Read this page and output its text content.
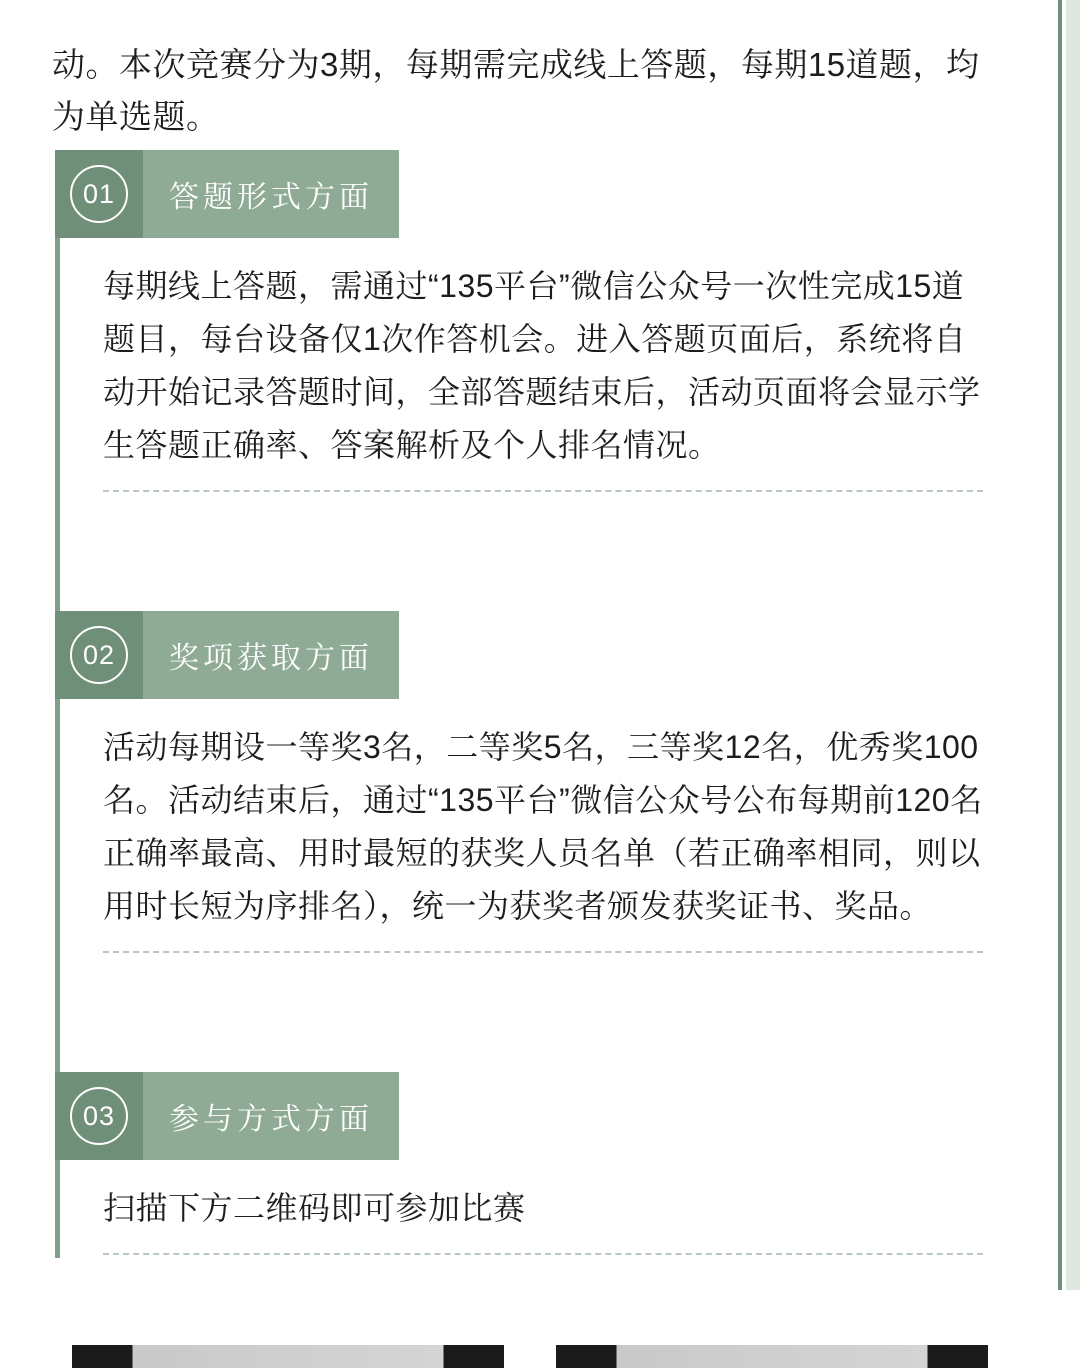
动。本次竞赛分为3期，每期需完成线上答题，每期15道题，均为单选题。

01	答题形式方面
每期线上答题，需通过“135平台”微信公众号一次性完成15道题目，每台设备仅1次作答机会。进入答题页面后，系统将自动开始记录答题时间，全部答题结束后，活动页面将会显示学生答题正确率、答案解析及个人排名情况。
02	奖项获取方面
活动每期设一等奖3名，二等奖5名，三等奖12名，优秀奖100名。活动结束后，通过“135平台”微信公众号公布每期前120名正确率最高、用时最短的获奖人员名单（若正确率相同，则以用时长短为序排名），统一为获奖者颁发获奖证书、奖品。
03	参与方式方面
扫描下方二维码即可参加比赛
